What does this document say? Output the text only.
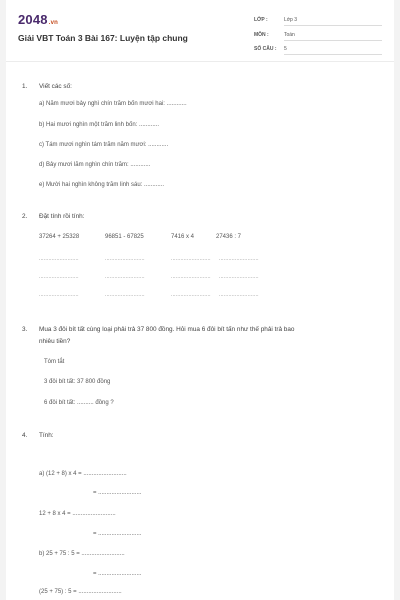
2048.vn
Giải VBT Toán 3 Bài 167: Luyện tập chung
LỚP :	Lớp 3
MÔN :	Toán
SỐ CÂU : 5
1. Viết các số:
a) Năm mươi bảy nghì chín trăm bốn mươi hai: ............
b) Hai mươi nghìn một trăm linh bốn: ............
c) Tám mươi nghìn tám trăm năm mươi: ............
d) Bảy mươi lăm nghìn chín trăm: ............
e) Mười hai nghìn không trăm linh sáu: ............
2. Đặt tính rồi tính:
37264 + 25328	96851 - 67825	7416 x 4	27436 : 7
.........................	.........................	......................... .........................
.........................	.........................	......................... .........................
.........................	.........................	......................... .........................
3. Mua 3 đôi bít tất cùng loại phải trả 37 800 đồng. Hỏi mua 6 đôi bít tấn như thế phải trả bao
nhiêu tiền?
Tóm tắt
3 đôi bít tất: 37 800 đồng
6 đôi bít tất: .......... đồng ?
4. Tính:
a) (12 + 8) x 4 = ..........................
= ..........................
12 + 8 x 4 = ..........................
= ..........................
b) 25 + 75 : 5 = ..........................
= ..........................
(25 + 75) : 5 = ..........................
